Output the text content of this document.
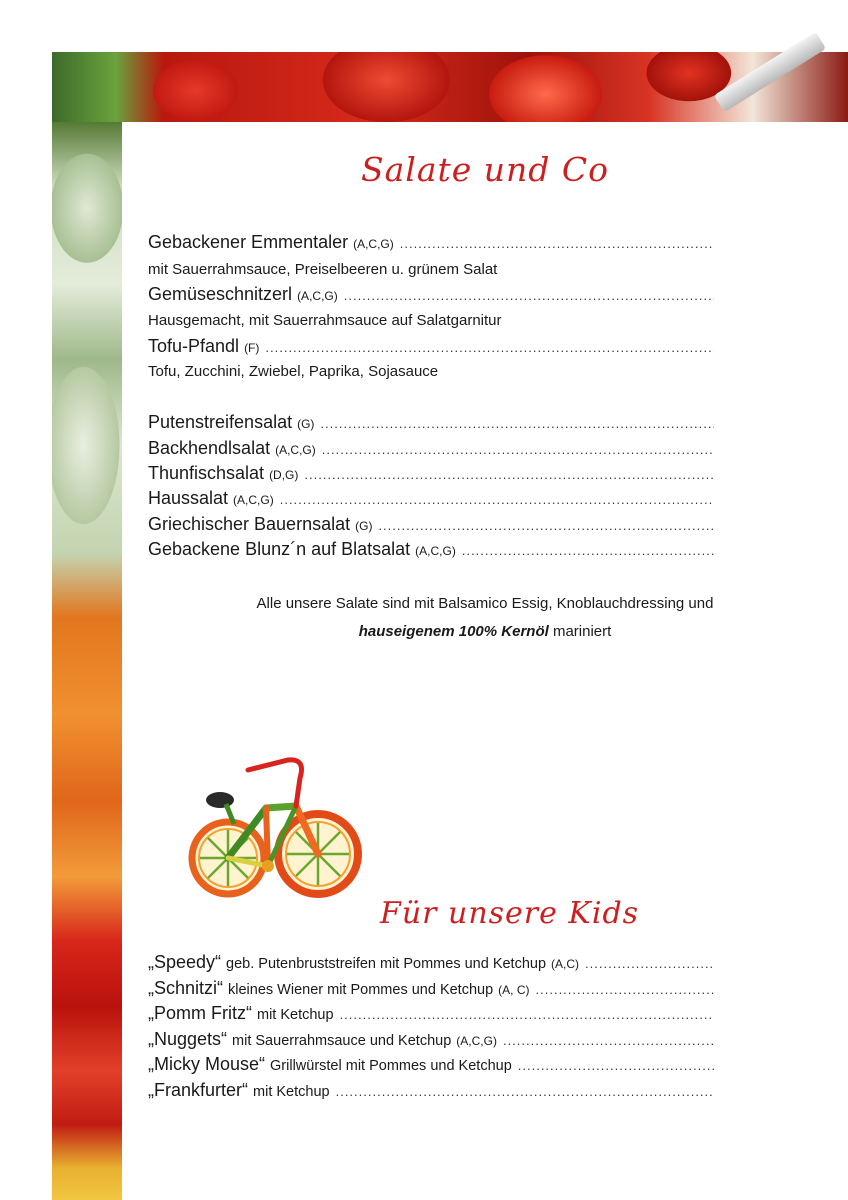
Salate und Co
Gebackener Emmentaler (A,C,G)
.....
mit Sauerrahmsauce, Preiselbeeren u. grünem Salat
Gemüseschnitzerl (A,C,G)
.....
Hausgemacht, mit Sauerrahmsauce auf Salatgarnitur
Tofu-Pfandl (F)
.....
Tofu, Zucchini, Zwiebel, Paprika, Sojasauce
Putenstreifensalat (G)
.....
Backhendlsalat (A,C,G)
.....
Thunfischsalat (D,G)
.....
Haussalat (A,C,G)
.....
Griechischer Bauernsalat (G)
.....
Gebackene Blunz´n auf Blatsalat (A,C,G)
.....
Alle unsere Salate sind mit Balsamico Essig, Knoblauchdressing und
hauseigenem 100% Kernöl mariniert
Für unsere Kids
„Speedy“ geb. Putenbruststreifen mit Pommes und Ketchup (A,C)
.....
„Schnitzi“ kleines Wiener mit Pommes und Ketchup (A, C)
.....
„Pomm Fritz“ mit Ketchup
.....
„Nuggets“ mit Sauerrahmsauce und Ketchup (A,C,G)
.....
„Micky Mouse“ Grillwürstel mit Pommes und Ketchup
.....
„Frankfurter“ mit Ketchup
.....
